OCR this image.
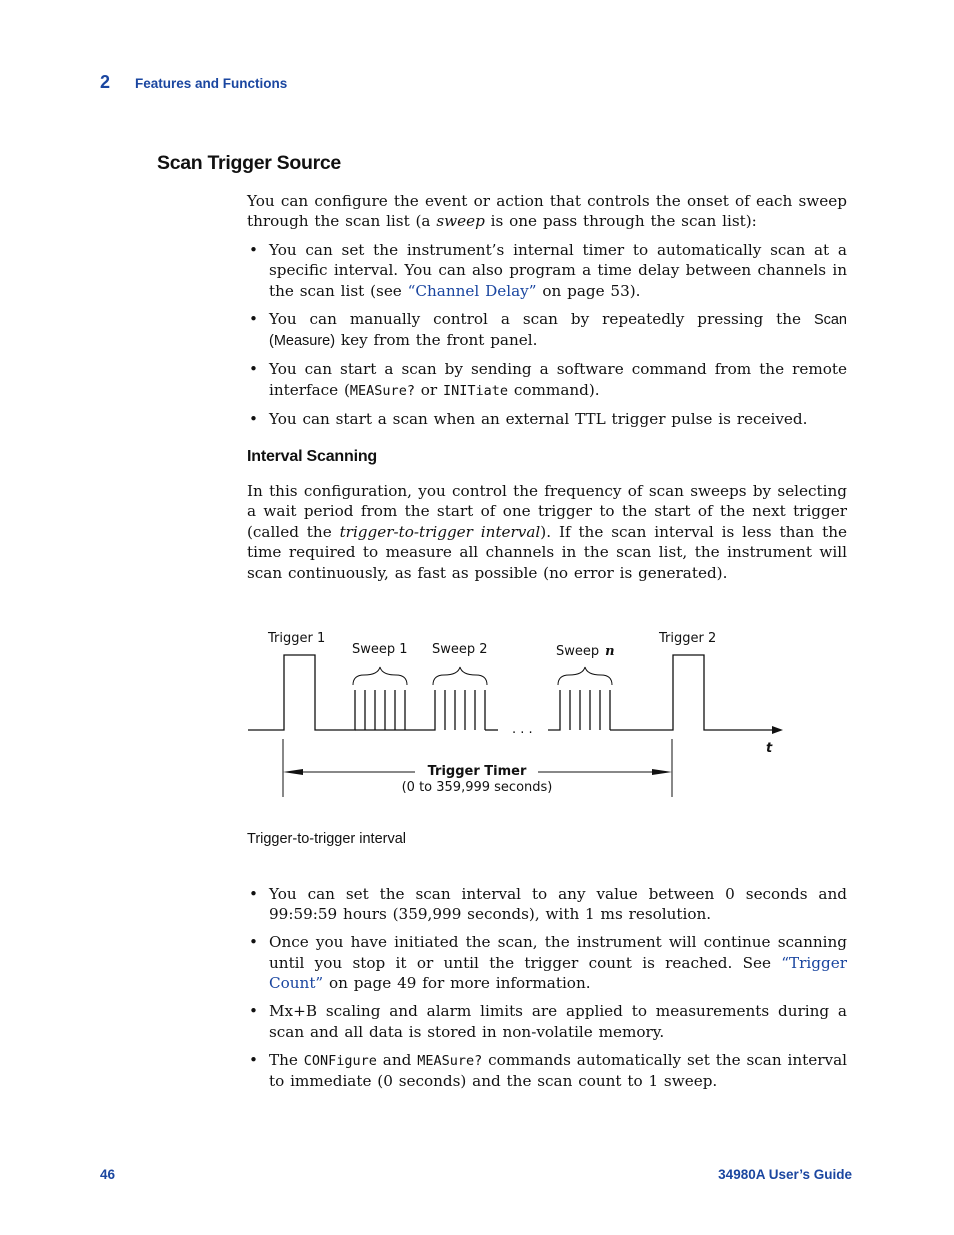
2 Features and Functions
Scan Trigger Source
You can configure the event or action that controls the onset of each sweep through the scan list (a sweep is one pass through the scan list):
• You can set the instrument’s internal timer to automatically scan at a specific interval. You can also program a time delay between channels in the scan list (see “Channel Delay” on page 53).
• You can manually control a scan by repeatedly pressing the Scan (Measure) key from the front panel.
• You can start a scan by sending a software command from the remote interface (MEASure? or INITiate command).
• You can start a scan when an external TTL trigger pulse is received.
Interval Scanning
In this configuration, you control the frequency of scan sweeps by selecting a wait period from the start of one trigger to the start of the next trigger (called the trigger-to-trigger interval). If the scan interval is less than the time required to measure all channels in the scan list, the instrument will scan continuously, as fast as possible (no error is generated).
Trigger 1	Trigger 2
Sweep 1 Sweep 2	Sweep n
. . .
t
Trigger Timer
(0 to 359,999 seconds)
Trigger-to-trigger interval
• You can set the scan interval to any value between 0 seconds and 99:59:59 hours (359,999 seconds), with 1 ms resolution.
• Once you have initiated the scan, the instrument will continue scanning until you stop it or until the trigger count is reached. See “Trigger Count” on page 49 for more information.
• Mx+B scaling and alarm limits are applied to measurements during a scan and all data is stored in non-volatile memory.
• The CONFigure and MEASure? commands automatically set the scan interval to immediate (0 seconds) and the scan count to 1 sweep.
46	34980A User’s Guide
